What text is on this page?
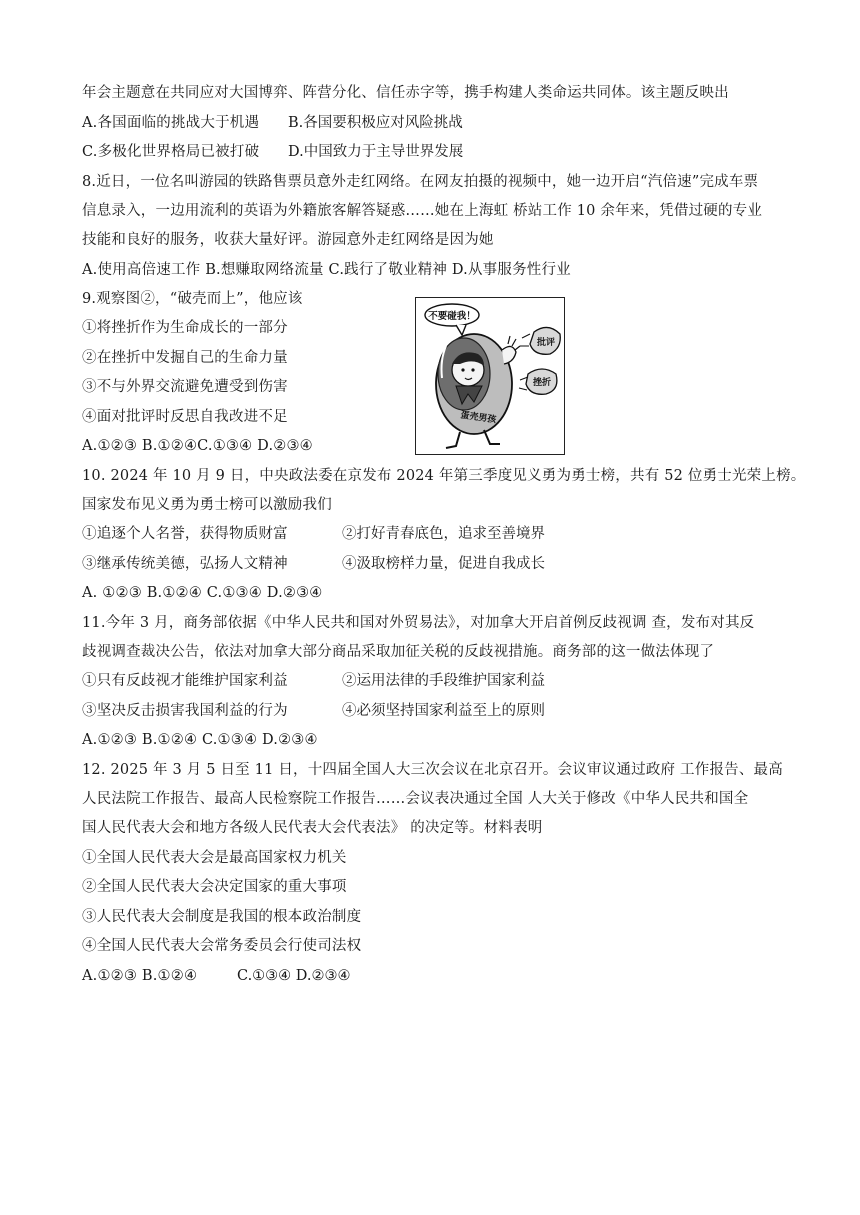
年会主题意在共同应对大国博弈、阵营分化、信任赤字等，携手构建人类命运共同体。该主题反映出
A.各国面临的挑战大于机遇 B.各国要积极应对风险挑战
C.多极化世界格局已被打破 D.中国致力于主导世界发展
8.近日，一位名叫游园的铁路售票员意外走红网络。在网友拍摄的视频中，她一边开启“汽倍速”完成车票
信息录入，一边用流利的英语为外籍旅客解答疑惑……她在上海虹 桥站工作 10 余年来，凭借过硬的专业
技能和良好的服务，收获大量好评。游园意外走红网络是因为她
A.使用高倍速工作 B.想赚取网络流量 C.践行了敬业精神 D.从事服务性行业
9.观察图②，“破壳而上”，他应该
①将挫折作为生命成长的一部分
②在挫折中发掘自己的生命力量
③不与外界交流避免遭受到伤害
④面对批评时反思自我改进不足
A.①②③ B.①②④C.①③④ D.②③④
不要碰我！
批评
挫折
蛋壳男孩
10. 2024 年 10 月 9 日，中央政法委在京发布 2024 年第三季度见义勇为勇士榜，共有 52 位勇士光荣上榜。
国家发布见义勇为勇士榜可以激励我们
①追逐个人名誉，获得物质财富	②打好青春底色，追求至善境界
③继承传统美德，弘扬人文精神	④汲取榜样力量，促进自我成长
A. ①②③ B.①②④ C.①③④ D.②③④
11.今年 3 月，商务部依据《中华人民共和国对外贸易法》，对加拿大开启首例反歧视调 查，发布对其反
歧视调查裁决公告，依法对加拿大部分商品采取加征关税的反歧视措施。商务部的这一做法体现了
①只有反歧视才能维护国家利益	②运用法律的手段维护国家利益
③坚决反击损害我国利益的行为	④必须坚持国家利益至上的原则
A.①②③ B.①②④ C.①③④ D.②③④
12. 2025 年 3 月 5 日至 11 日，十四届全国人大三次会议在北京召开。会议审议通过政府 工作报告、最高
人民法院工作报告、最高人民检察院工作报告……会议表决通过全国 人大关于修改《中华人民共和国全
国人民代表大会和地方各级人民代表大会代表法》 的决定等。材料表明
①全国人民代表大会是最高国家权力机关
②全国人民代表大会决定国家的重大事项
③人民代表大会制度是我国的根本政治制度
④全国人民代表大会常务委员会行使司法权
A.①②③ B.①②④	C.①③④ D.②③④
